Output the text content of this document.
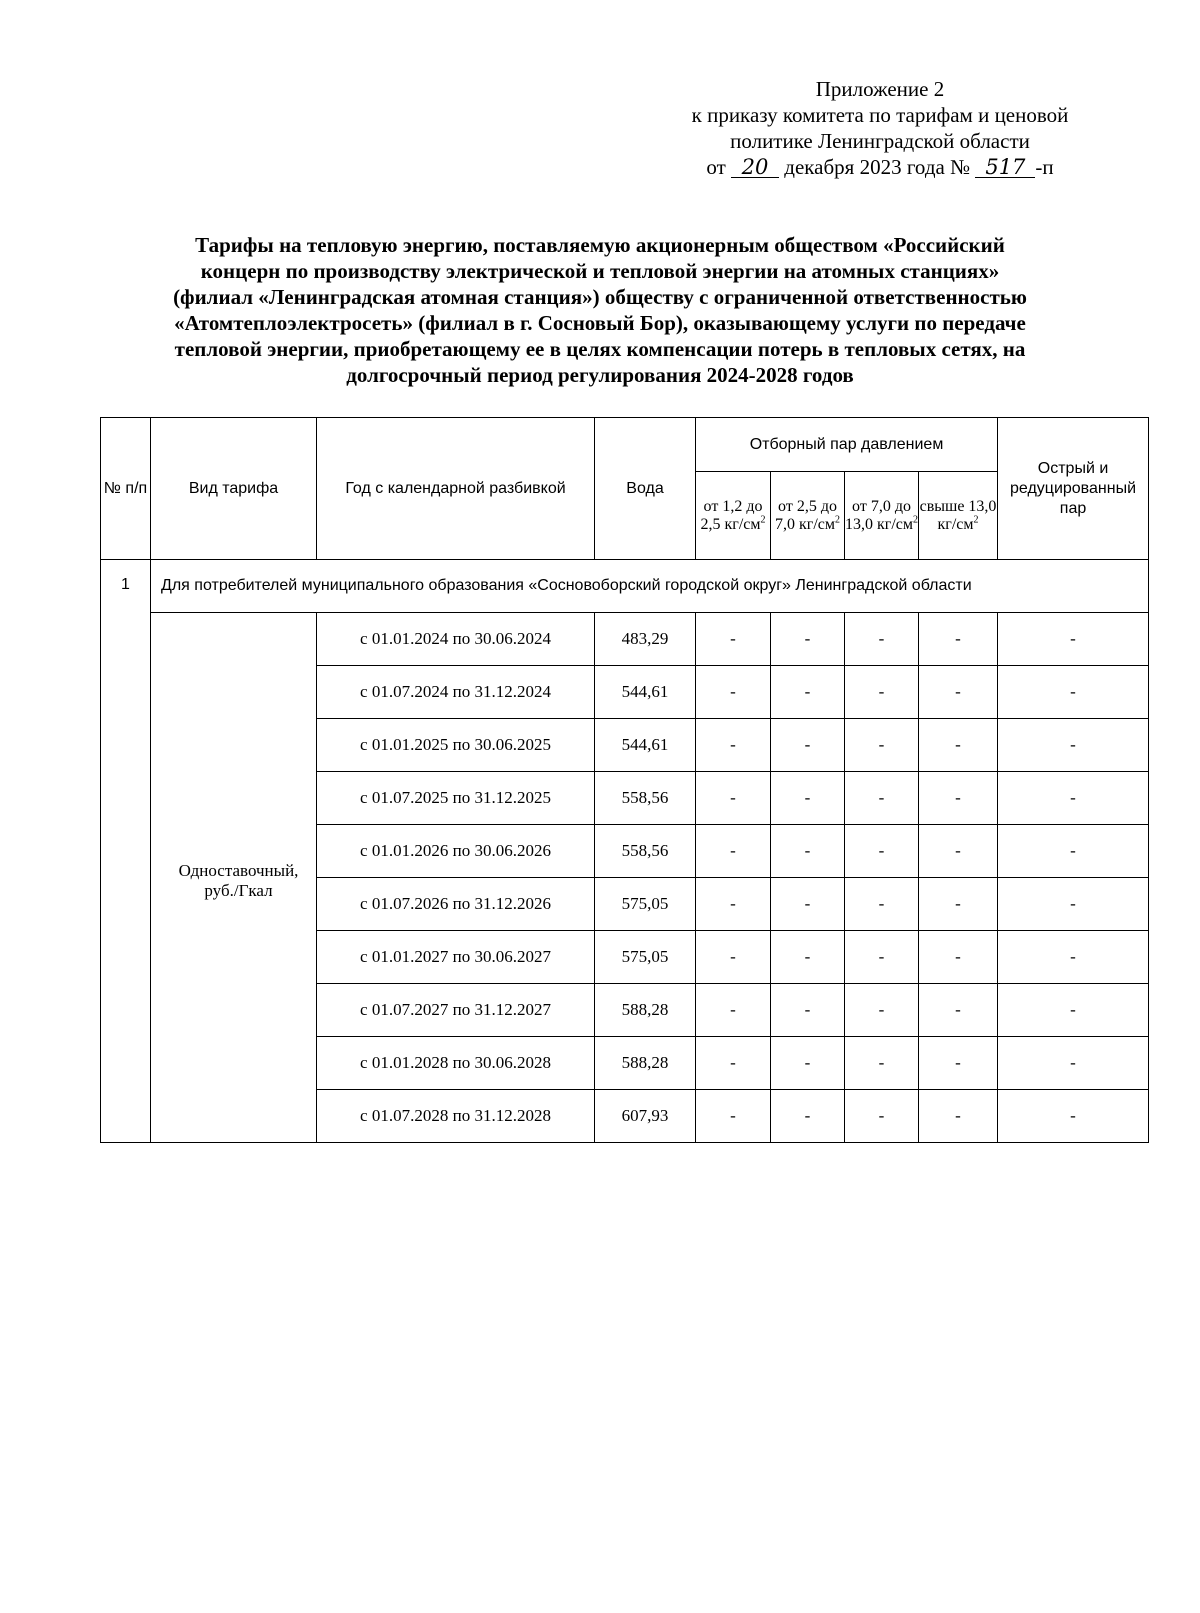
Приложение 2
к приказу комитета по тарифам и ценовой
политике Ленинградской области
от 20 декабря 2023 года № 517 -п
Тарифы на тепловую энергию, поставляемую акционерным обществом «Российский
концерн по производству электрической и тепловой энергии на атомных станциях»
(филиал «Ленинградская атомная станция») обществу с ограниченной ответственностью
«Атомтеплоэлектросеть» (филиал в г. Сосновый Бор), оказывающему услуги по передаче
тепловой энергии, приобретающему ее в целях компенсации потерь в тепловых сетях, на
долгосрочный период регулирования 2024-2028 годов
№ п/п	Вид тарифа	Год с календарной разбивкой	Вода	Отборный пар давлением				Острый и редуцированный пар
				от 1,2 до 2,5 $кг/см^2$	от 2,5 до 7,0 $кг/см^2$	от 7,0 до 13,0 $кг/см^2$	свыше 13,0 $кг/см^2$
1	Для потребителей муниципального образования «Сосновоборский городской округ» Ленинградской области							
	Одноставочный, руб./Гкал	с 01.01.2024 по 30.06.2024	483,29	-	-	-	-	-
		с 01.07.2024 по 31.12.2024	544,61	-	-	-	-	-
		с 01.01.2025 по 30.06.2025	544,61	-	-	-	-	-
		с 01.07.2025 по 31.12.2025	558,56	-	-	-	-	-
		с 01.01.2026 по 30.06.2026	558,56	-	-	-	-	-
		с 01.07.2026 по 31.12.2026	575,05	-	-	-	-	-
		с 01.01.2027 по 30.06.2027	575,05	-	-	-	-	-
		с 01.07.2027 по 31.12.2027	588,28	-	-	-	-	-
		с 01.01.2028 по 30.06.2028	588,28	-	-	-	-	-
		с 01.07.2028 по 31.12.2028	607,93	-	-	-	-	-
